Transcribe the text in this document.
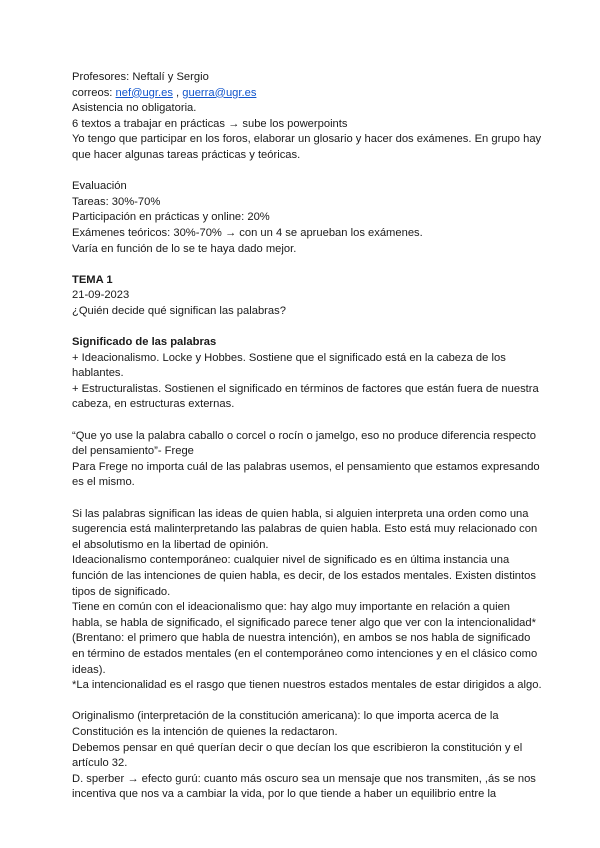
Profesores: Neftalí y Sergio

correos: nef@ugr.es , guerra@ugr.es

Asistencia no obligatoria.

6 textos a trabajar en prácticas → sube los powerpoints

Yo tengo que participar en los foros, elaborar un glosario y hacer dos exámenes. En grupo hay que hacer algunas tareas prácticas y teóricas.

Evaluación

Tareas: 30%-70%

Participación en prácticas y online: 20%

Exámenes teóricos: 30%-70% → con un 4 se aprueban los exámenes.

Varía en función de lo se te haya dado mejor.

TEMA 1

21-09-2023

¿Quién decide qué significan las palabras?

Significado de las palabras

+ Ideacionalismo. Locke y Hobbes. Sostiene que el significado está en la cabeza de los hablantes.

+ Estructuralistas. Sostienen el significado en términos de factores que están fuera de nuestra cabeza, en estructuras externas.

“Que yo use la palabra caballo o corcel o rocín o jamelgo, eso no produce diferencia respecto del pensamiento”- Frege

Para Frege no importa cuál de las palabras usemos, el pensamiento que estamos expresando es el mismo.

Si las palabras significan las ideas de quien habla, si alguien interpreta una orden como una sugerencia está malinterpretando las palabras de quien habla. Esto está muy relacionado con el absolutismo en la libertad de opinión.

Ideacionalismo contemporáneo: cualquier nivel de significado es en última instancia una función de las intenciones de quien habla, es decir, de los estados mentales. Existen distintos tipos de significado.

Tiene en común con el ideacionalismo que: hay algo muy importante en relación a quien habla, se habla de significado, el significado parece tener algo que ver con la intencionalidad* (Brentano: el primero que habla de nuestra intención), en ambos se nos habla de significado en término de estados mentales (en el contemporáneo como intenciones y en el clásico como ideas).

*La intencionalidad es el rasgo que tienen nuestros estados mentales de estar dirigidos a algo.

Originalismo (interpretación de la constitución americana): lo que importa acerca de la Constitución es la intención de quienes la redactaron.

Debemos pensar en qué querían decir o que decían los que escribieron la constitución y el artículo 32.

D. sperber → efecto gurú: cuanto más oscuro sea un mensaje que nos transmiten, ,ás se nos incentiva que nos va a cambiar la vida, por lo que tiende a haber un equilibrio entre la
